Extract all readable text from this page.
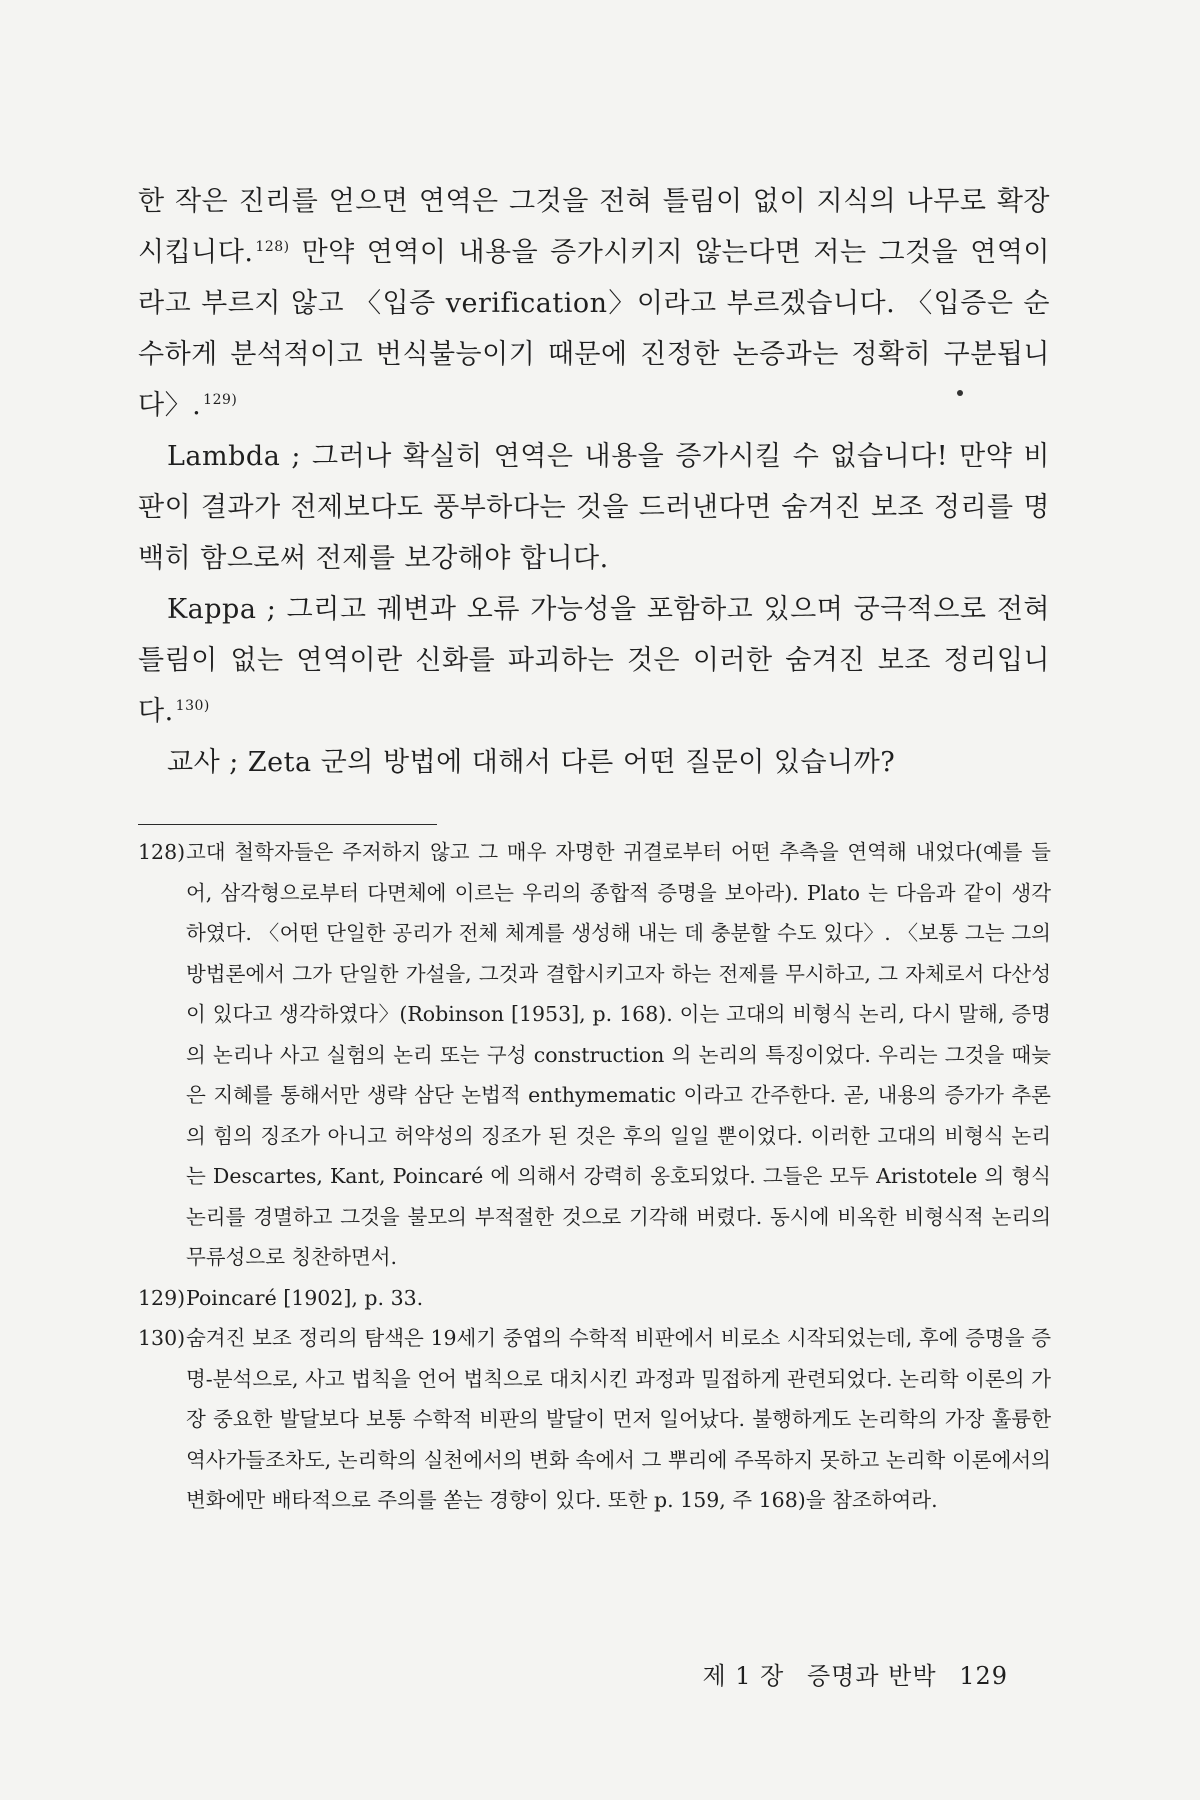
한 작은 진리를 얻으면 연역은 그것을 전혀 틀림이 없이 지식의 나무로 확장시킵니다. $^{128)}$ 만약 연역이 내용을 증가시키지 않는다면 저는 그것을 연역이라고 부르지 않고 〈입증 verification〉이라고 부르겠습니다. 〈입증은 순수하게 분석적이고 번식불능이기 때문에 진정한 논증과는 정확히 구분됩니다〉. $^{129)}$

Lambda ; 그러나 확실히 연역은 내용을 증가시킬 수 없습니다! 만약 비판이 결과가 전제보다도 풍부하다는 것을 드러낸다면 숨겨진 보조 정리를 명백히 함으로써 전제를 보강해야 합니다.

Kappa ; 그리고 궤변과 오류 가능성을 포함하고 있으며 궁극적으로 전혀 틀림이 없는 연역이란 신화를 파괴하는 것은 이러한 숨겨진 보조 정리입니다. $^{130)}$

교사 ; Zeta 군의 방법에 대해서 다른 어떤 질문이 있습니까?

128) 고대 철학자들은 주저하지 않고 그 매우 자명한 귀결로부터 어떤 추측을 연역해 내었다(예를 들어, 삼각형으로부터 다면체에 이르는 우리의 종합적 증명을 보아라). Plato 는 다음과 같이 생각하였다. 〈어떤 단일한 공리가 전체 체계를 생성해 내는 데 충분할 수도 있다〉. 〈보통 그는 그의 방법론에서 그가 단일한 가설을, 그것과 결합시키고자 하는 전제를 무시하고, 그 자체로서 다산성이 있다고 생각하였다〉(Robinson [1953], p. 168). 이는 고대의 비형식 논리, 다시 말해, 증명의 논리나 사고 실험의 논리 또는 구성 construction 의 논리의 특징이었다. 우리는 그것을 때늦은 지혜를 통해서만 생략 삼단 논법적 enthymematic 이라고 간주한다. 곧, 내용의 증가가 추론의 힘의 징조가 아니고 허약성의 징조가 된 것은 후의 일일 뿐이었다. 이러한 고대의 비형식 논리는 Descartes, Kant, Poincaré 에 의해서 강력히 옹호되었다. 그들은 모두 Aristotele 의 형식 논리를 경멸하고 그것을 불모의 부적절한 것으로 기각해 버렸다. 동시에 비옥한 비형식적 논리의 무류성으로 칭찬하면서.
129) Poincaré [1902], p. 33.
130) 숨겨진 보조 정리의 탐색은 19세기 중엽의 수학적 비판에서 비로소 시작되었는데, 후에 증명을 증명-분석으로, 사고 법칙을 언어 법칙으로 대치시킨 과정과 밀접하게 관련되었다. 논리학 이론의 가장 중요한 발달보다 보통 수학적 비판의 발달이 먼저 일어났다. 불행하게도 논리학의 가장 훌륭한 역사가들조차도, 논리학의 실천에서의 변화 속에서 그 뿌리에 주목하지 못하고 논리학 이론에서의 변화에만 배타적으로 주의를 쏟는 경향이 있다. 또한 p. 159, 주 168)을 참조하여라.
제 1 장 증명과 반박 129
